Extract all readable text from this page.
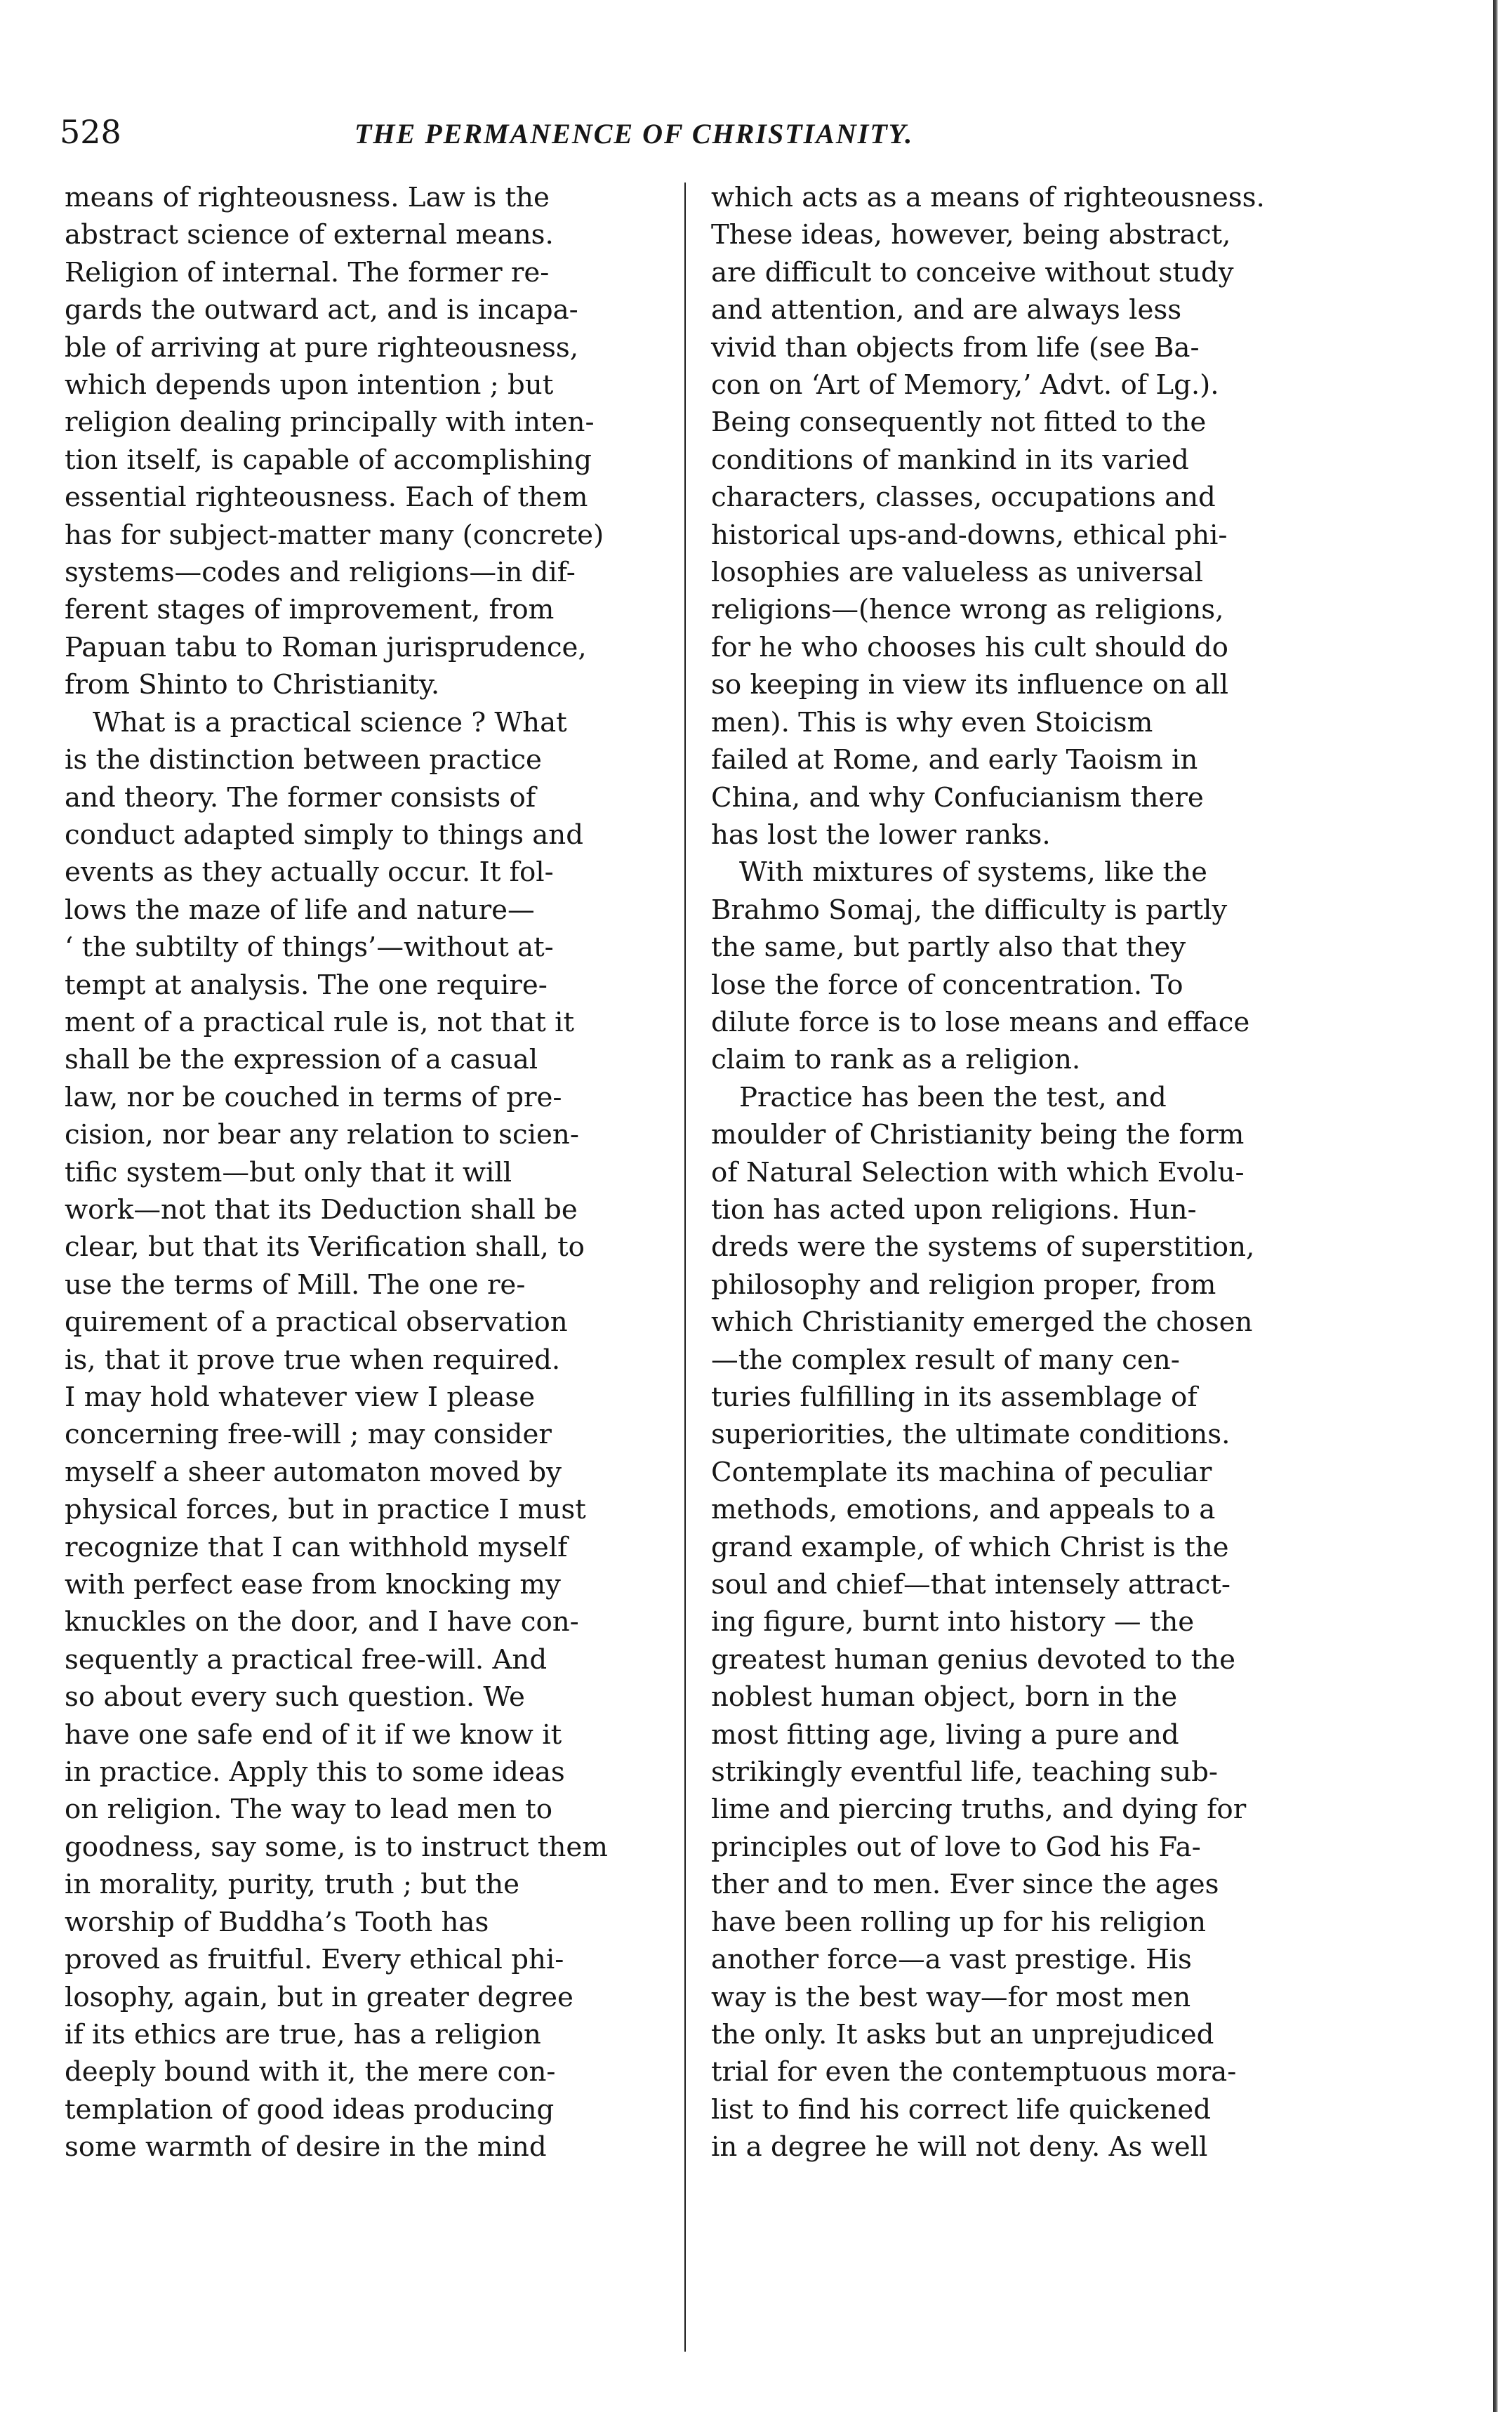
528	THE PERMANENCE OF CHRISTIANITY.

means of righteousness. Law is the
abstract science of external means.
Religion of internal. The former re-
gards the outward act, and is incapa-
ble of arriving at pure righteousness,
which depends upon intention ; but
religion dealing principally with inten-
tion itself, is capable of accomplishing
essential righteousness. Each of them
has for subject-matter many (concrete)
systems—codes and religions—in dif-
ferent stages of improvement, from
Papuan tabu to Roman jurisprudence,
from Shinto to Christianity.

What is a practical science ? What
is the distinction between practice
and theory. The former consists of
conduct adapted simply to things and
events as they actually occur. It fol-
lows the maze of life and nature—
‘ the subtilty of things’—without at-
tempt at analysis. The one require-
ment of a practical rule is, not that it
shall be the expression of a casual
law, nor be couched in terms of pre-
cision, nor bear any relation to scien-
tific system—but only that it will
work—not that its Deduction shall be
clear, but that its Verification shall, to
use the terms of Mill. The one re-
quirement of a practical observation
is, that it prove true when required.
I may hold whatever view I please
concerning free-will ; may consider
myself a sheer automaton moved by
physical forces, but in practice I must
recognize that I can withhold myself
with perfect ease from knocking my
knuckles on the door, and I have con-
sequently a practical free-will. And
so about every such question. We
have one safe end of it if we know it
in practice. Apply this to some ideas
on religion. The way to lead men to
goodness, say some, is to instruct them
in morality, purity, truth ; but the
worship of Buddha’s Tooth has
proved as fruitful. Every ethical phi-
losophy, again, but in greater degree
if its ethics are true, has a religion
deeply bound with it, the mere con-
templation of good ideas producing
some warmth of desire in the mind

which acts as a means of righteousness.
These ideas, however, being abstract,
are difficult to conceive without study
and attention, and are always less
vivid than objects from life (see Ba-
con on ‘Art of Memory,’ Advt. of Lg.).
Being consequently not fitted to the
conditions of mankind in its varied
characters, classes, occupations and
historical ups-and-downs, ethical phi-
losophies are valueless as universal
religions—(hence wrong as religions,
for he who chooses his cult should do
so keeping in view its influence on all
men). This is why even Stoicism
failed at Rome, and early Taoism in
China, and why Confucianism there
has lost the lower ranks.

With mixtures of systems, like the
Brahmo Somaj, the difficulty is partly
the same, but partly also that they
lose the force of concentration. To
dilute force is to lose means and efface
claim to rank as a religion.

Practice has been the test, and
moulder of Christianity being the form
of Natural Selection with which Evolu-
tion has acted upon religions. Hun-
dreds were the systems of superstition,
philosophy and religion proper, from
which Christianity emerged the chosen
—the complex result of many cen-
turies fulfilling in its assemblage of
superiorities, the ultimate conditions.
Contemplate its machina of peculiar
methods, emotions, and appeals to a
grand example, of which Christ is the
soul and chief—that intensely attract-
ing figure, burnt into history — the
greatest human genius devoted to the
noblest human object, born in the
most fitting age, living a pure and
strikingly eventful life, teaching sub-
lime and piercing truths, and dying for
principles out of love to God his Fa-
ther and to men. Ever since the ages
have been rolling up for his religion
another force—a vast prestige. His
way is the best way—for most men
the only. It asks but an unprejudiced
trial for even the contemptuous mora-
list to find his correct life quickened
in a degree he will not deny. As well
